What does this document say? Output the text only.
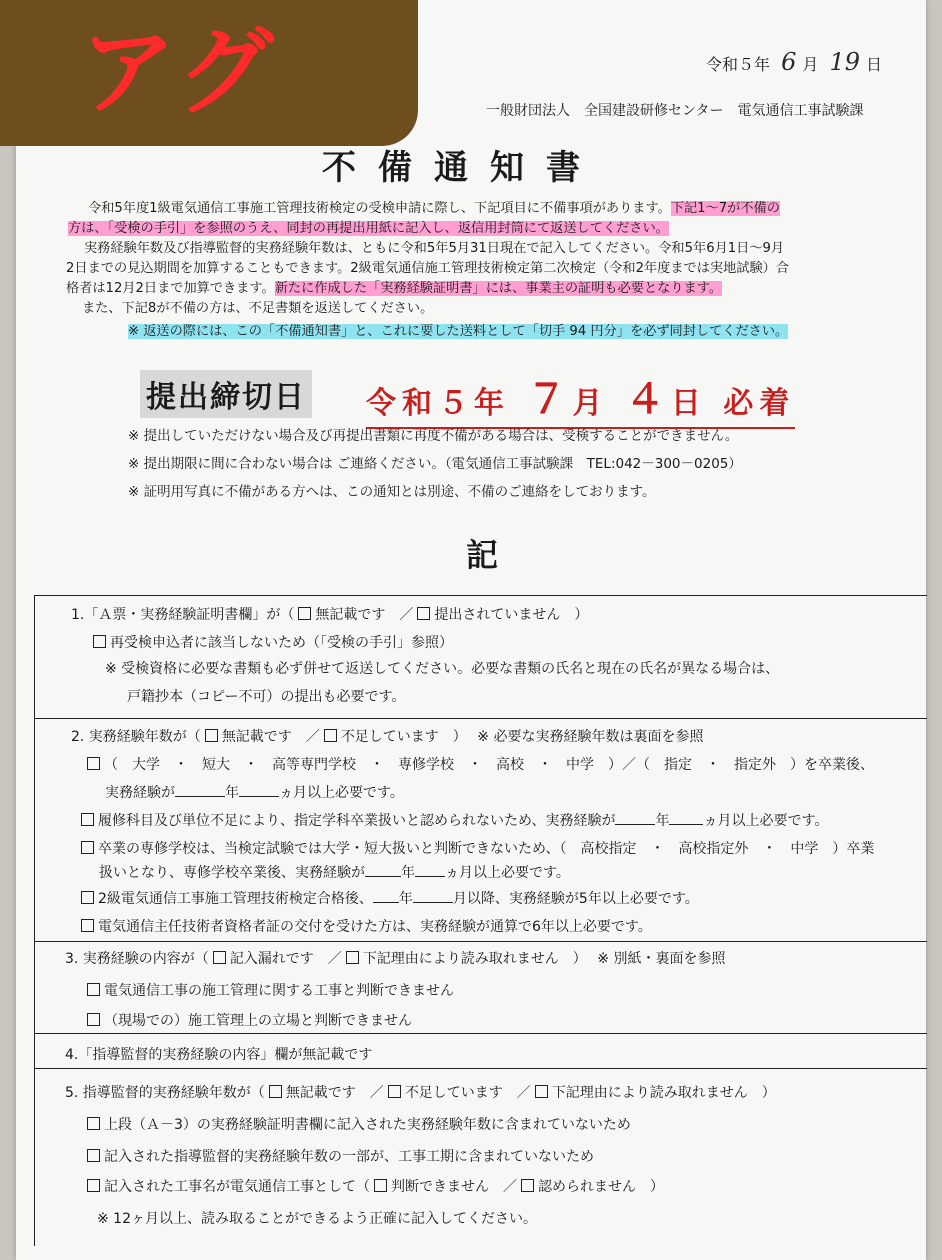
アグ	令和５年 6 月 19 日
一般財団法人　全国建設研修センター　電気通信工事試験課
不備通知書
令和5年度1級電気通信工事施工管理技術検定の受検申請に際し、下記項目に不備事項があります。下記1～7が不備の
方は、「受検の手引」を参照のうえ、同封の再提出用紙に記入し、返信用封筒にて返送してください。
実務経験年数及び指導監督的実務経験年数は、ともに令和5年5月31日現在で記入してください。令和5年6月1日～9月
2日までの見込期間を加算することもできます。2級電気通信施工管理技術検定第二次検定（令和2年度までは実地試験）合
格者は12月2日まで加算できます。新たに作成した「実務経験証明書」には、事業主の証明も必要となります。
また、下記8が不備の方は、不足書類を返送してください。
※ 返送の際には、この「不備通知書」と、これに要した送料として「切手 94 円分」を必ず同封してください。
提出締切日 令和５年 ７月 ４日 必着
※ 提出していただけない場合及び再提出書類に再度不備がある場合は、受検することができません。
※ 提出期限に間に合わない場合は ご連絡ください。（電気通信工事試験課　TEL:042－300－0205）
※ 証明用写真に不備がある方へは、この通知とは別途、不備のご連絡をしております。
記
1.「Ａ票・実務経験証明書欄」が（ 無記載です　／ 提出されていません　）
再受検申込者に該当しないため（「受検の手引」参照）
※ 受検資格に必要な書類も必ず併せて返送してください。必要な書類の氏名と現在の氏名が異なる場合は、
戸籍抄本（コピー不可）の提出も必要です。
2. 実務経験年数が（ 無記載です　／ 不足しています　） ※ 必要な実務経験年数は裏面を参照
（　大学　・　短大　・　高等専門学校　・　専修学校　・　高校　・　中学　）／（　指定　・　指定外　）を卒業後、
実務経験が	年	ヵ月以上必要です。
履修科目及び単位不足により、指定学科卒業扱いと認められないため、実務経験が	年 ヵ月以上必要です。
卒業の専修学校は、当検定試験では大学・短大扱いと判断できないため、（　高校指定　・　高校指定外　・　中学　）卒業
扱いとなり、専修学校卒業後、実務経験が	年 ヵ月以上必要です。
2級電気通信工事施工管理技術検定合格後、 年	月以降、実務経験が5年以上必要です。
電気通信主任技術者資格者証の交付を受けた方は、実務経験が通算で6年以上必要です。
3. 実務経験の内容が（ 記入漏れです　／ 下記理由により読み取れません　） ※ 別紙・裏面を参照
電気通信工事の施工管理に関する工事と判断できません
（現場での）施工管理上の立場と判断できません
4.「指導監督的実務経験の内容」欄が無記載です
5. 指導監督的実務経験年数が（ 無記載です　／ 不足しています　／ 下記理由により読み取れません　）
上段（Ａ－3）の実務経験証明書欄に記入された実務経験年数に含まれていないため
記入された指導監督的実務経験年数の一部が、工事工期に含まれていないため
記入された工事名が電気通信工事として（ 判断できません　／ 認められません　）
※ 12ヶ月以上、読み取ることができるよう正確に記入してください。
